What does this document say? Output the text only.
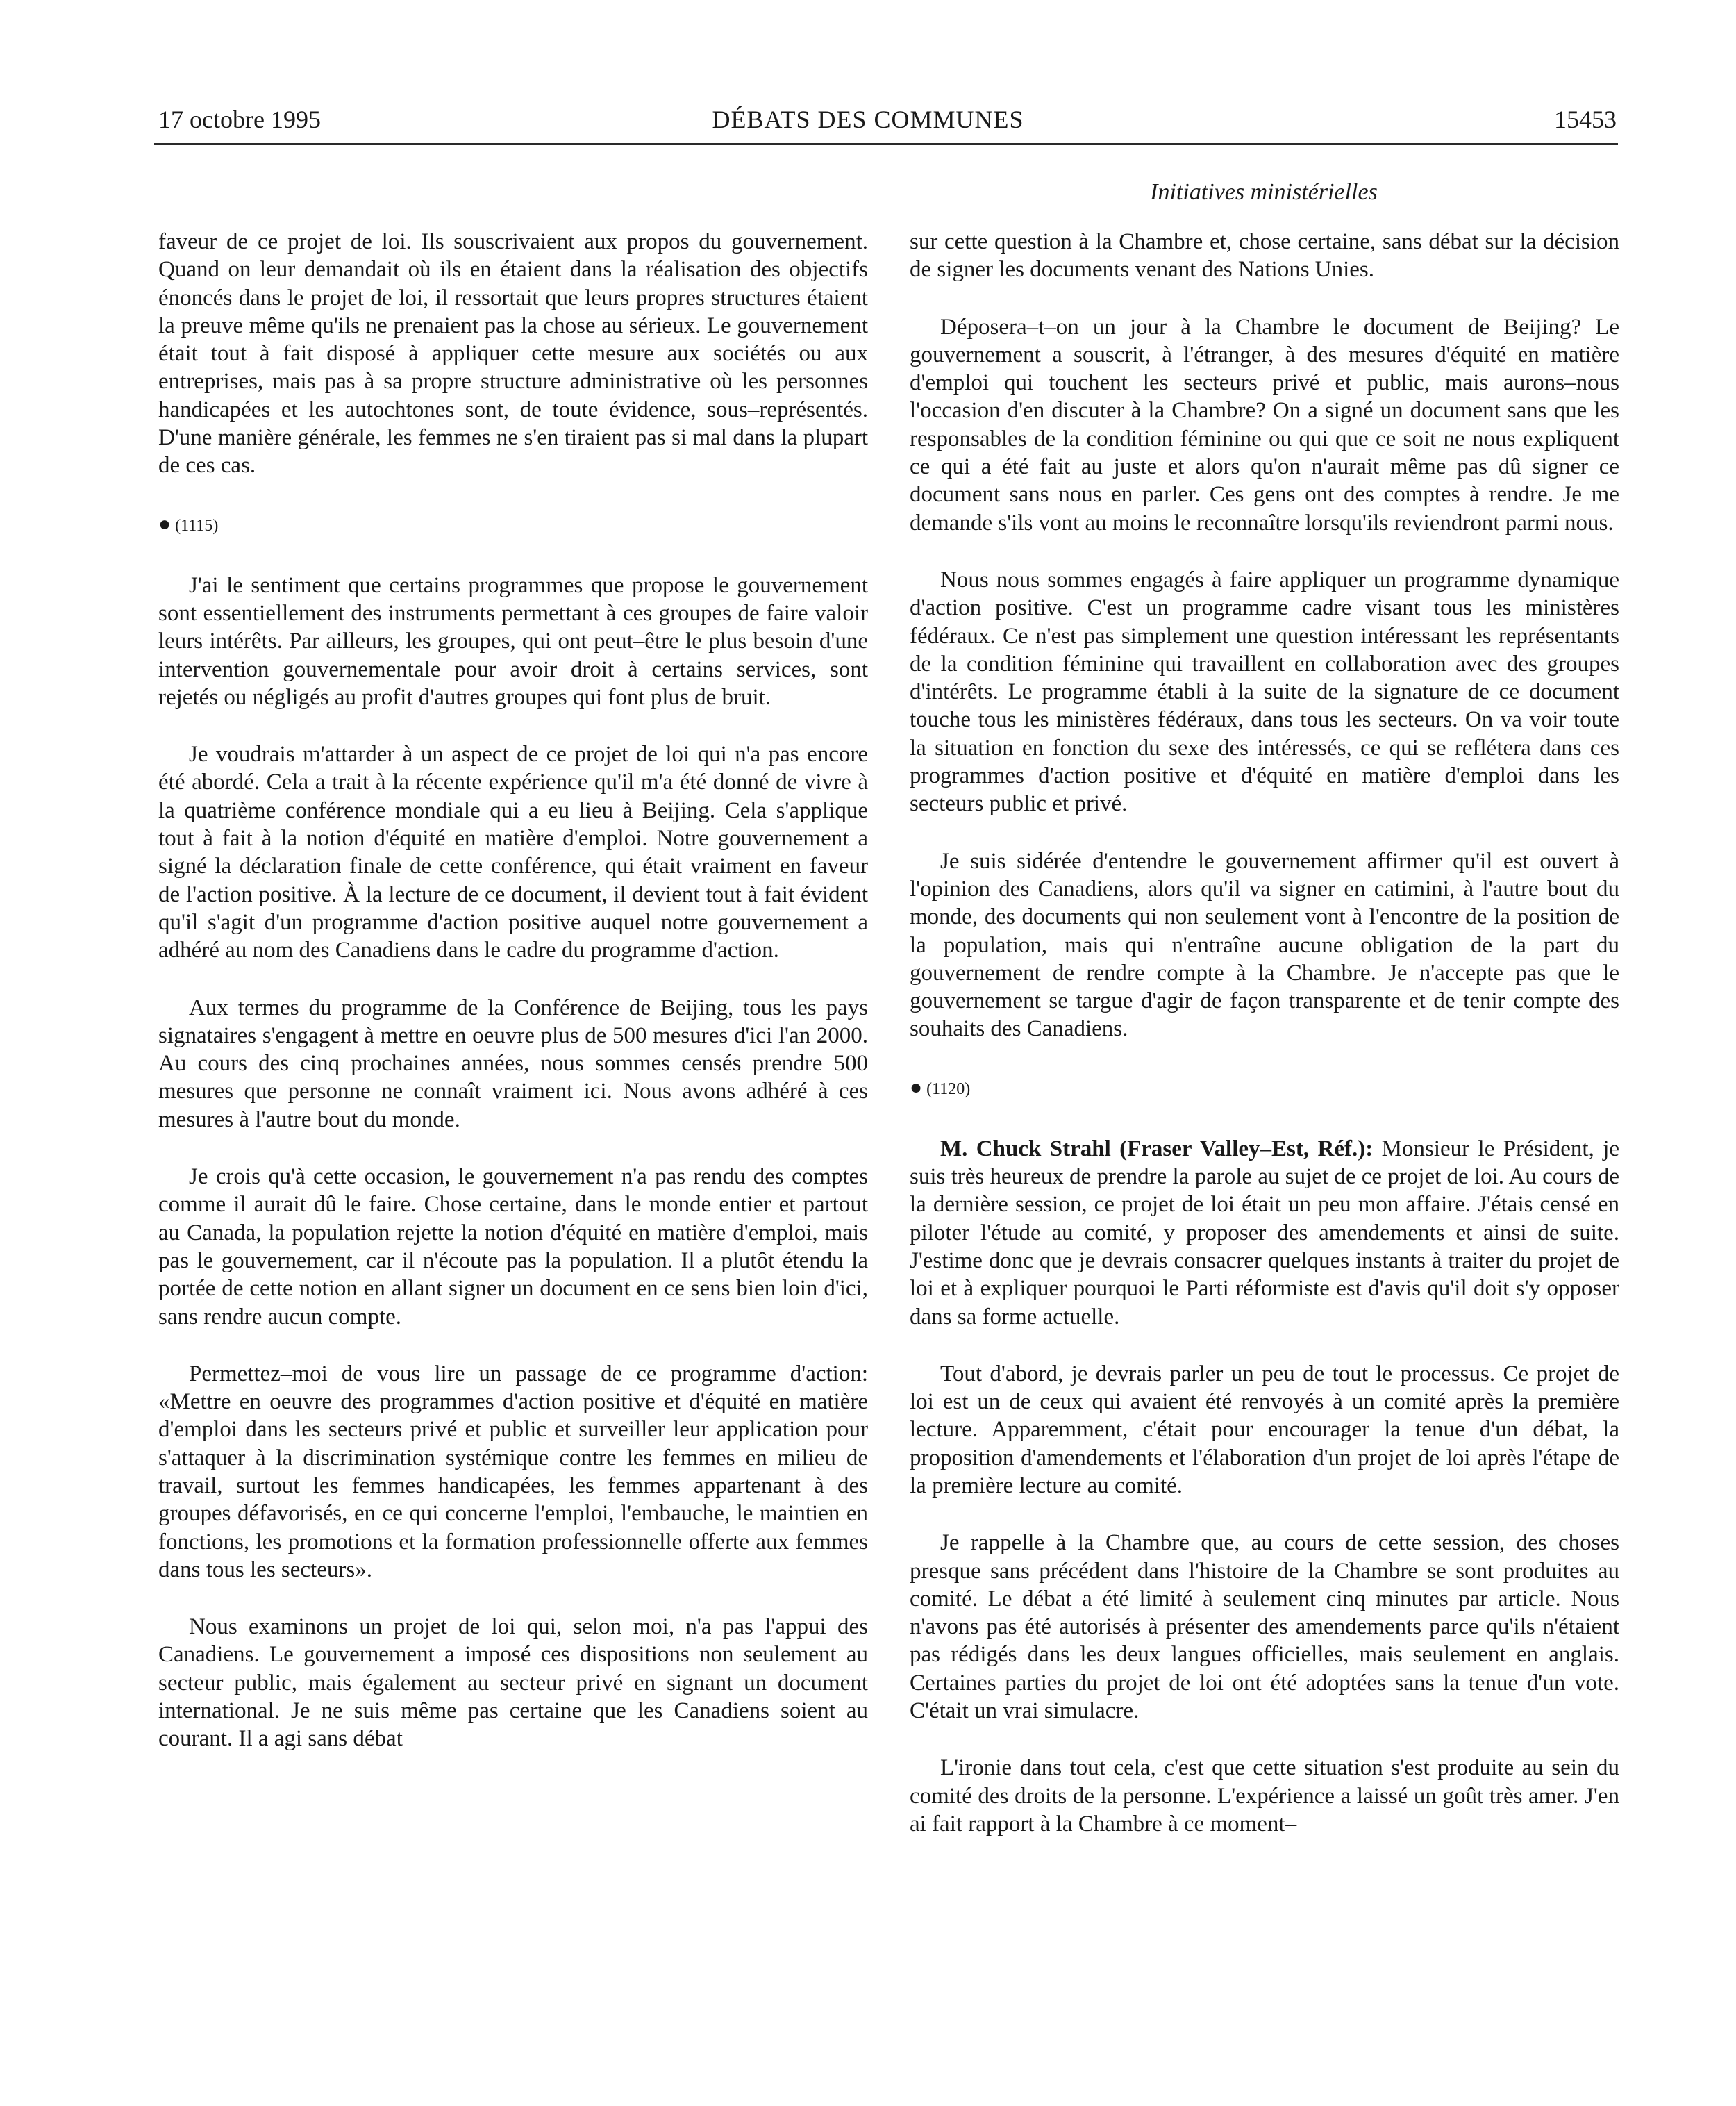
17 octobre 1995	DÉBATS DES COMMUNES	15453
Initiatives ministérielles

faveur de ce projet de loi. Ils souscrivaient aux propos du gouvernement. Quand on leur demandait où ils en étaient dans la réalisation des objectifs énoncés dans le projet de loi, il ressortait que leurs propres structures étaient la preuve même qu'ils ne prenaient pas la chose au sérieux. Le gouvernement était tout à fait disposé à appliquer cette mesure aux sociétés ou aux entreprises, mais pas à sa propre structure administrative où les personnes handicapées et les autochtones sont, de toute évidence, sous–représentés. D'une manière générale, les femmes ne s'en tiraient pas si mal dans la plupart de ces cas.

● (1115)

J'ai le sentiment que certains programmes que propose le gouvernement sont essentiellement des instruments permettant à ces groupes de faire valoir leurs intérêts. Par ailleurs, les groupes, qui ont peut–être le plus besoin d'une intervention gouvernementale pour avoir droit à certains services, sont rejetés ou négligés au profit d'autres groupes qui font plus de bruit.

Je voudrais m'attarder à un aspect de ce projet de loi qui n'a pas encore été abordé. Cela a trait à la récente expérience qu'il m'a été donné de vivre à la quatrième conférence mondiale qui a eu lieu à Beijing. Cela s'applique tout à fait à la notion d'équité en matière d'emploi. Notre gouvernement a signé la déclaration finale de cette conférence, qui était vraiment en faveur de l'action positive. À la lecture de ce document, il devient tout à fait évident qu'il s'agit d'un programme d'action positive auquel notre gouvernement a adhéré au nom des Canadiens dans le cadre du programme d'action.

Aux termes du programme de la Conférence de Beijing, tous les pays signataires s'engagent à mettre en oeuvre plus de 500 mesures d'ici l'an 2000. Au cours des cinq prochaines années, nous sommes censés prendre 500 mesures que personne ne connaît vraiment ici. Nous avons adhéré à ces mesures à l'autre bout du monde.

Je crois qu'à cette occasion, le gouvernement n'a pas rendu des comptes comme il aurait dû le faire. Chose certaine, dans le monde entier et partout au Canada, la population rejette la notion d'équité en matière d'emploi, mais pas le gouvernement, car il n'écoute pas la population. Il a plutôt étendu la portée de cette notion en allant signer un document en ce sens bien loin d'ici, sans rendre aucun compte.

Permettez–moi de vous lire un passage de ce programme d'action: «Mettre en oeuvre des programmes d'action positive et d'équité en matière d'emploi dans les secteurs privé et public et surveiller leur application pour s'attaquer à la discrimination systémique contre les femmes en milieu de travail, surtout les femmes handicapées, les femmes appartenant à des groupes défavorisés, en ce qui concerne l'emploi, l'embauche, le maintien en fonctions, les promotions et la formation professionnelle offerte aux femmes dans tous les secteurs».

Nous examinons un projet de loi qui, selon moi, n'a pas l'appui des Canadiens. Le gouvernement a imposé ces dispositions non seulement au secteur public, mais également au secteur privé en signant un document international. Je ne suis même pas certaine que les Canadiens soient au courant. Il a agi sans débat

sur cette question à la Chambre et, chose certaine, sans débat sur la décision de signer les documents venant des Nations Unies.

Déposera–t–on un jour à la Chambre le document de Beijing? Le gouvernement a souscrit, à l'étranger, à des mesures d'équité en matière d'emploi qui touchent les secteurs privé et public, mais aurons–nous l'occasion d'en discuter à la Chambre? On a signé un document sans que les responsables de la condition féminine ou qui que ce soit ne nous expliquent ce qui a été fait au juste et alors qu'on n'aurait même pas dû signer ce document sans nous en parler. Ces gens ont des comptes à rendre. Je me demande s'ils vont au moins le reconnaître lorsqu'ils reviendront parmi nous.

Nous nous sommes engagés à faire appliquer un programme dynamique d'action positive. C'est un programme cadre visant tous les ministères fédéraux. Ce n'est pas simplement une question intéressant les représentants de la condition féminine qui travaillent en collaboration avec des groupes d'intérêts. Le programme établi à la suite de la signature de ce document touche tous les ministères fédéraux, dans tous les secteurs. On va voir toute la situation en fonction du sexe des intéressés, ce qui se reflétera dans ces programmes d'action positive et d'équité en matière d'emploi dans les secteurs public et privé.

Je suis sidérée d'entendre le gouvernement affirmer qu'il est ouvert à l'opinion des Canadiens, alors qu'il va signer en catimini, à l'autre bout du monde, des documents qui non seulement vont à l'encontre de la position de la population, mais qui n'entraîne aucune obligation de la part du gouvernement de rendre compte à la Chambre. Je n'accepte pas que le gouvernement se targue d'agir de façon transparente et de tenir compte des souhaits des Canadiens.

● (1120)

M. Chuck Strahl (Fraser Valley–Est, Réf.): Monsieur le Président, je suis très heureux de prendre la parole au sujet de ce projet de loi. Au cours de la dernière session, ce projet de loi était un peu mon affaire. J'étais censé en piloter l'étude au comité, y proposer des amendements et ainsi de suite. J'estime donc que je devrais consacrer quelques instants à traiter du projet de loi et à expliquer pourquoi le Parti réformiste est d'avis qu'il doit s'y opposer dans sa forme actuelle.

Tout d'abord, je devrais parler un peu de tout le processus. Ce projet de loi est un de ceux qui avaient été renvoyés à un comité après la première lecture. Apparemment, c'était pour encourager la tenue d'un débat, la proposition d'amendements et l'élaboration d'un projet de loi après l'étape de la première lecture au comité.

Je rappelle à la Chambre que, au cours de cette session, des choses presque sans précédent dans l'histoire de la Chambre se sont produites au comité. Le débat a été limité à seulement cinq minutes par article. Nous n'avons pas été autorisés à présenter des amendements parce qu'ils n'étaient pas rédigés dans les deux langues officielles, mais seulement en anglais. Certaines parties du projet de loi ont été adoptées sans la tenue d'un vote. C'était un vrai simulacre.

L'ironie dans tout cela, c'est que cette situation s'est produite au sein du comité des droits de la personne. L'expérience a laissé un goût très amer. J'en ai fait rapport à la Chambre à ce moment–
